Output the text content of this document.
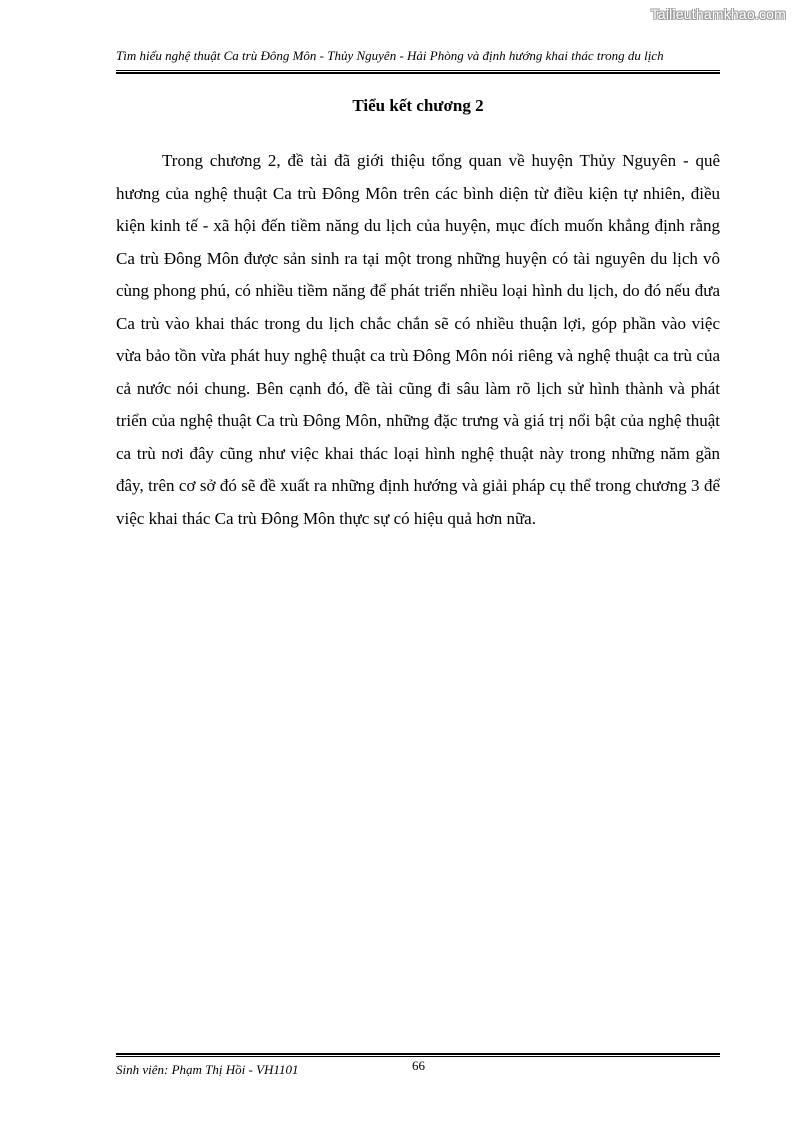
Tailieuthamkhao.com
Tìm hiểu nghệ thuật Ca trù Đông Môn - Thủy Nguyên - Hải Phòng và định hướng khai thác trong du lịch
Tiểu kết chương 2

Trong chương 2, đề tài đã giới thiệu tổng quan về huyện Thủy Nguyên - quê hương của nghệ thuật Ca trù Đông Môn trên các bình diện từ điều kiện tự nhiên, điều kiện kinh tế - xã hội đến tiềm năng du lịch của huyện, mục đích muốn khẳng định rằng Ca trù Đông Môn được sản sinh ra tại một trong những huyện có tài nguyên du lịch vô cùng phong phú, có nhiều tiềm năng để phát triển nhiều loại hình du lịch, do đó nếu đưa Ca trù vào khai thác trong du lịch chắc chắn sẽ có nhiều thuận lợi, góp phần vào việc vừa bảo tồn vừa phát huy nghệ thuật ca trù Đông Môn nói riêng và nghệ thuật ca trù của cả nước nói chung. Bên cạnh đó, đề tài cũng đi sâu làm rõ lịch sử hình thành và phát triển của nghệ thuật Ca trù Đông Môn, những đặc trưng và giá trị nổi bật của nghệ thuật ca trù nơi đây cũng như việc khai thác loại hình nghệ thuật này trong những năm gần đây, trên cơ sở đó sẽ đề xuất ra những định hướng và giải pháp cụ thể trong chương 3 để việc khai thác Ca trù Đông Môn thực sự có hiệu quả hơn nữa.

Sinh viên: Phạm Thị Hồi - VH1101	66
